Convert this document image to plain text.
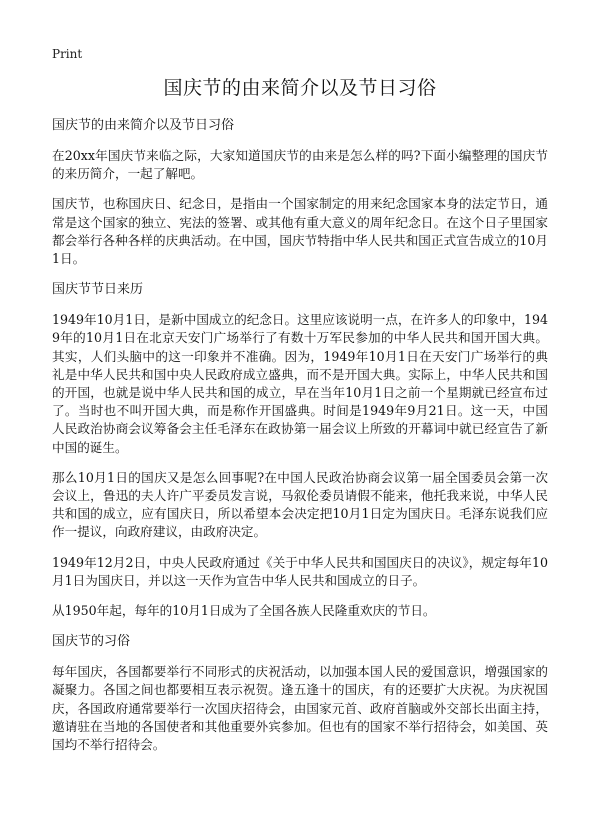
Print
国庆节的由来简介以及节日习俗
国庆节的由来简介以及节日习俗

在20xx年国庆节来临之际，大家知道国庆节的由来是怎么样的吗?下面小编整理的国庆节的来历简介，一起了解吧。

国庆节，也称国庆日、纪念日，是指由一个国家制定的用来纪念国家本身的法定节日，通常是这个国家的独立、宪法的签署、或其他有重大意义的周年纪念日。在这个日子里国家都会举行各种各样的庆典活动。在中国，国庆节特指中华人民共和国正式宣告成立的10月1日。

国庆节节日来历

1949年10月1日，是新中国成立的纪念日。这里应该说明一点，在许多人的印象中，1949年的10月1日在北京天安门广场举行了有数十万军民参加的中华人民共和国开国大典。其实，人们头脑中的这一印象并不准确。因为，1949年10月1日在天安门广场举行的典礼是中华人民共和国中央人民政府成立盛典，而不是开国大典。实际上，中华人民共和国的开国，也就是说中华人民共和国的成立，早在当年10月1日之前一个星期就已经宣布过了。当时也不叫开国大典，而是称作开国盛典。时间是1949年9月21日。这一天，中国人民政治协商会议筹备会主任毛泽东在政协第一届会议上所致的开幕词中就已经宣告了新中国的诞生。

那么10月1日的国庆又是怎么回事呢?在中国人民政治协商会议第一届全国委员会第一次会议上，鲁迅的夫人许广平委员发言说，马叙伦委员请假不能来，他托我来说，中华人民共和国的成立，应有国庆日，所以希望本会决定把10月1日定为国庆日。毛泽东说我们应作一提议，向政府建议，由政府决定。

1949年12月2日，中央人民政府通过《关于中华人民共和国国庆日的决议》，规定每年10月1日为国庆日，并以这一天作为宣告中华人民共和国成立的日子。

从1950年起，每年的10月1日成为了全国各族人民隆重欢庆的节日。

国庆节的习俗

每年国庆，各国都要举行不同形式的庆祝活动，以加强本国人民的爱国意识，增强国家的凝聚力。各国之间也都要相互表示祝贺。逢五逢十的国庆，有的还要扩大庆祝。为庆祝国庆，各国政府通常要举行一次国庆招待会，由国家元首、政府首脑或外交部长出面主持，邀请驻在当地的各国使者和其他重要外宾参加。但也有的国家不举行招待会，如美国、英国均不举行招待会。
